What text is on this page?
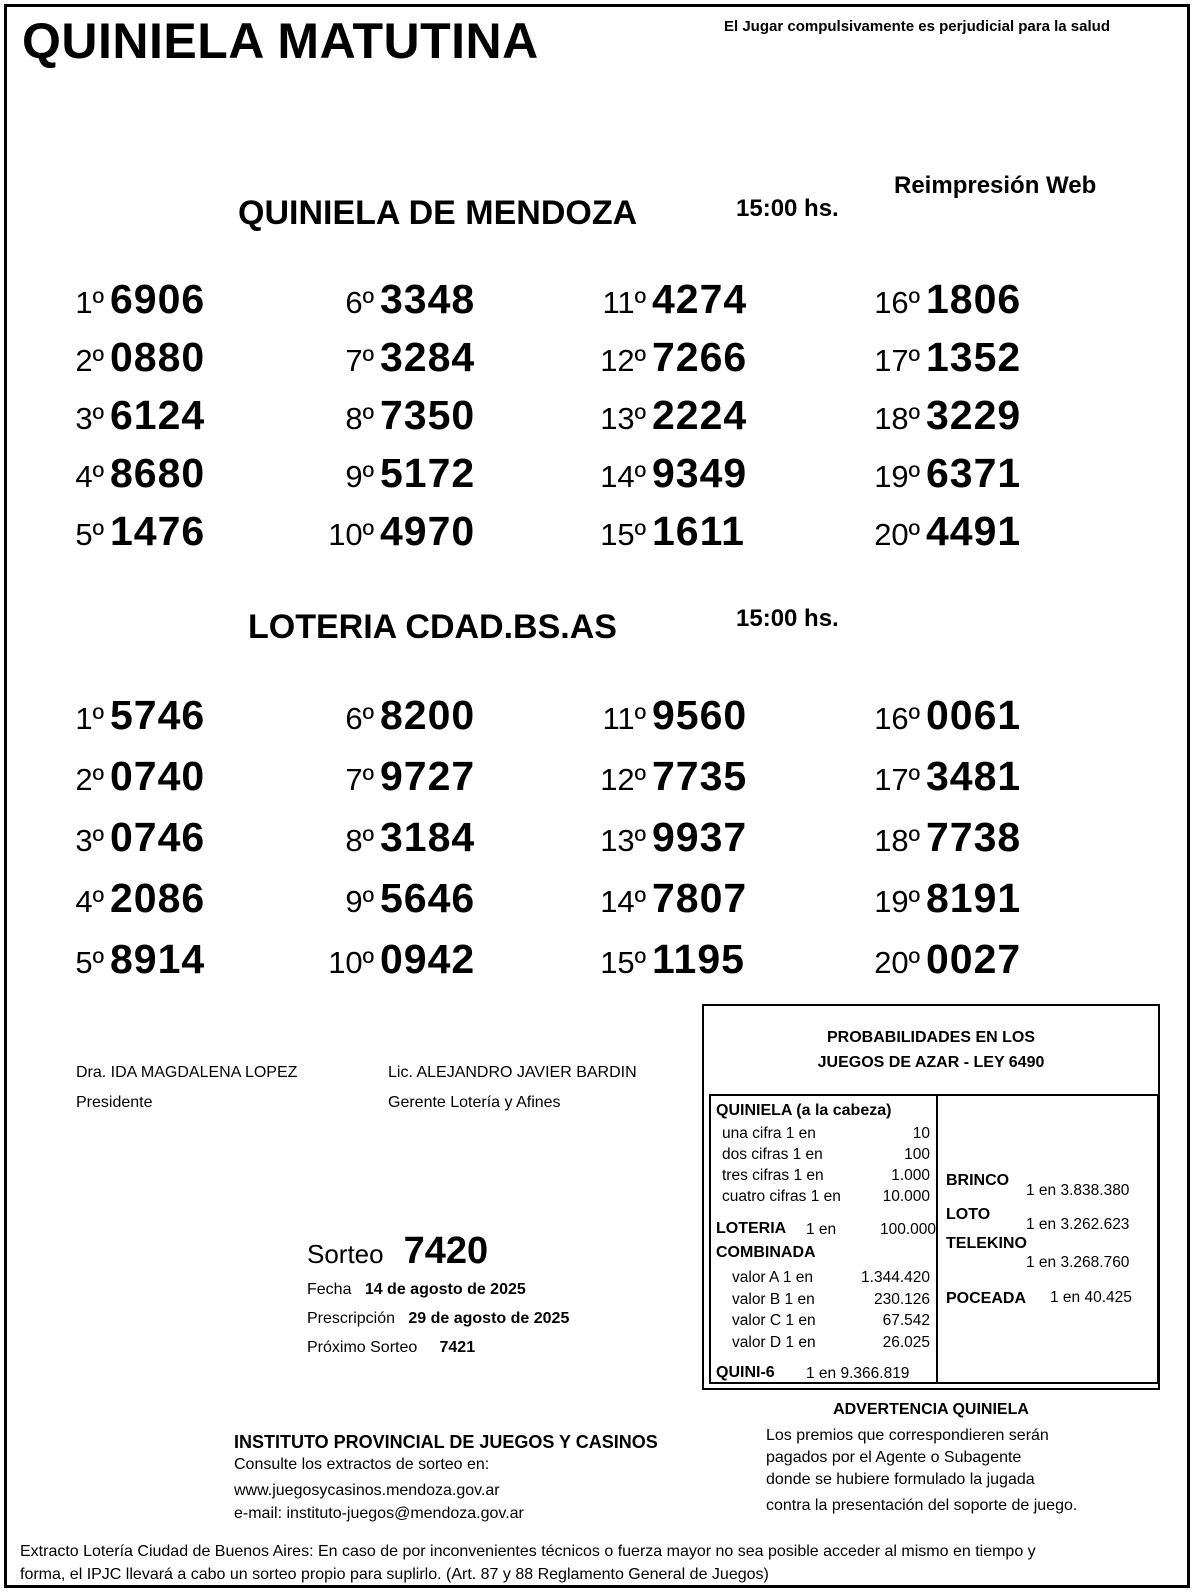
QUINIELA MATUTINA	El Jugar compulsivamente es perjudicial para la salud
Reimpresión Web
QUINIELA DE MENDOZA	15:00 hs.
1º 6906
2º 0880
3º 6124
4º 8680
5º 1476
6º 3348
7º 3284
8º 7350
9º 5172
10º 4970
11º 4274
12º 7266
13º 2224
14º 9349
15º 1611
16º 1806
17º 1352
18º 3229
19º 6371
20º 4491
LOTERIA CDAD.BS.AS	15:00 hs.
1º 5746
2º 0740
3º 0746
4º 2086
5º 8914
6º 8200
7º 9727
8º 3184
9º 5646
10º 0942
11º 9560
12º 7735
13º 9937
14º 7807
15º 1195
16º 0061
17º 3481
18º 7738
19º 8191
20º 0027
Dra. IDA MAGDALENA LOPEZ
Presidente
Lic. ALEJANDRO JAVIER BARDIN
Gerente Lotería y Afines
Sorteo 7420
Fecha 14 de agosto de 2025
Prescripción 29 de agosto de 2025
Próximo Sorteo 7421
PROBABILIDADES EN LOS
JUEGOS DE AZAR - LEY 6490
QUINIELA (a la cabeza)
una cifra 1 en	10
dos cifras 1 en	100
tres cifras 1 en	1.000
cuatro cifras 1 en	10.000
LOTERIA 1 en	100.000
COMBINADA
valor A 1 en	1.344.420
valor B 1 en	230.126
valor C 1 en	67.542
valor D 1 en	26.025
QUINI-6 1 en 9.366.819
BRINCO
1 en 3.838.380
LOTO
1 en 3.262.623
TELEKINO
1 en 3.268.760
POCEADA 1 en 40.425
ADVERTENCIA QUINIELA
Los premios que correspondieren serán
pagados por el Agente o Subagente
donde se hubiere formulado la jugada
contra la presentación del soporte de juego.
INSTITUTO PROVINCIAL DE JUEGOS Y CASINOS
Consulte los extractos de sorteo en:
www.juegosycasinos.mendoza.gov.ar
e-mail: instituto-juegos@mendoza.gov.ar
Extracto Lotería Ciudad de Buenos Aires: En caso de por inconvenientes técnicos o fuerza mayor no sea posible acceder al mismo en tiempo y
forma, el IPJC llevará a cabo un sorteo propio para suplirlo. (Art. 87 y 88 Reglamento General de Juegos)
